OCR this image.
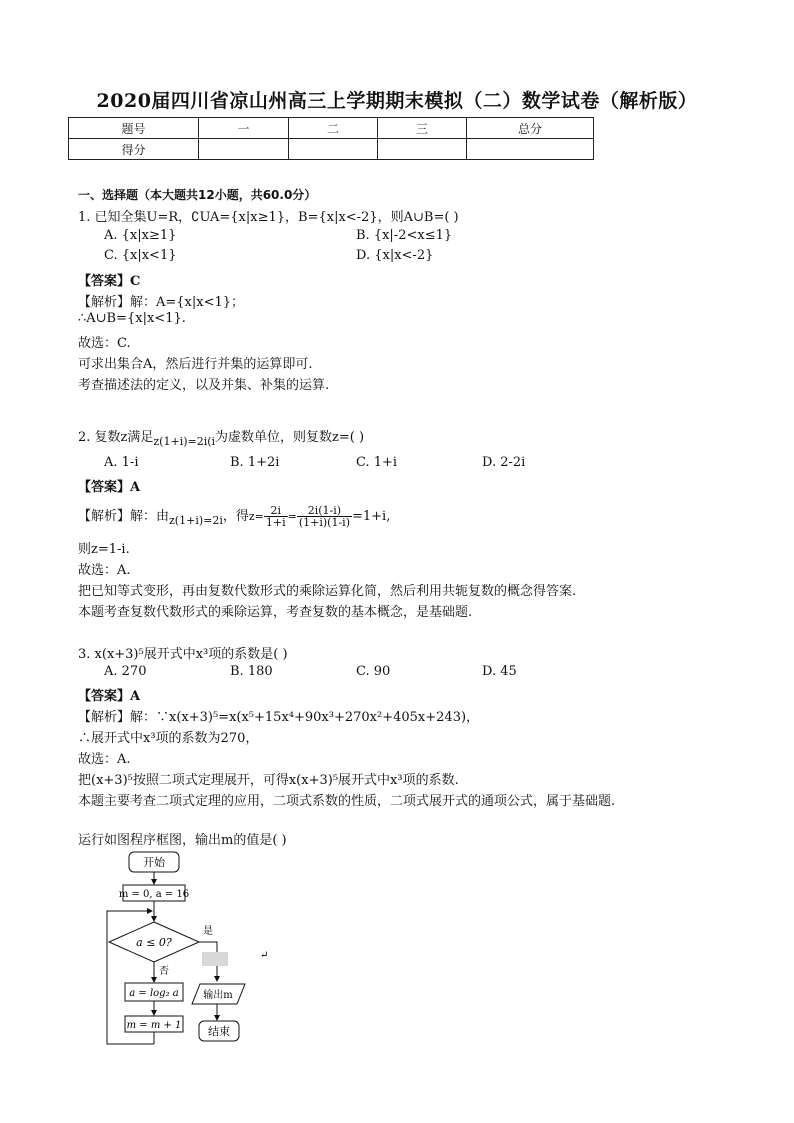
2020届四川省凉山州高三上学期期末模拟（二）数学试卷（解析版）
题号	一	二	三	总分
得分				
一、选择题（本大题共12小题，共60.0分）
1. 已知全集U=R，∁UA={x|x≥1}，B={x|x<-2}，则A∪B=( )
A. {x|x≥1}	B. {x|-2<x≤1}
C. {x|x<1}	D. {x|x<-2}
【答案】C
【解析】解：A={x|x<1}；
∴A∪B={x|x<1}.
故选：C.
可求出集合A，然后进行并集的运算即可.
考查描述法的定义，以及并集、补集的运算.
2. 复数z满足$_{z(1+i)=2i(i}$为虚数单位，则复数z=( )
A. 1-i	B. 1+2i	C. 1+i	D. 2-2i
【答案】A
【解析】解：由$_{z(1+i)=2i}$，得$z= \frac{2i}{1+i} = \frac{2i(1-i)}{(1+i)(1-i)} =1+i$,
则z=1-i.
故选：A.
把已知等式变形，再由复数代数形式的乘除运算化简，然后利用共轭复数的概念得答案.
本题考查复数代数形式的乘除运算，考查复数的基本概念，是基础题.
3. x(x+3)⁵展开式中x³项的系数是( )
A. 270	B. 180	C. 90	D. 45
【答案】A
【解析】解：∵x(x+3)⁵=x(x⁵+15x⁴+90x³+270x²+405x+243)，
∴展开式中x³项的系数为270，
故选：A.
把(x+3)⁵按照二项式定理展开，可得x(x+3)⁵展开式中x³项的系数.
本题主要考查二项式定理的应用，二项式系数的性质，二项式展开式的通项公式，属于基础题.
运行如图程序框图，输出m的值是( )
开始
m = 0, a = 16
a ≤ 0?
是
↵
否
a = log₂ a
m = m + 1
输出m
结束
